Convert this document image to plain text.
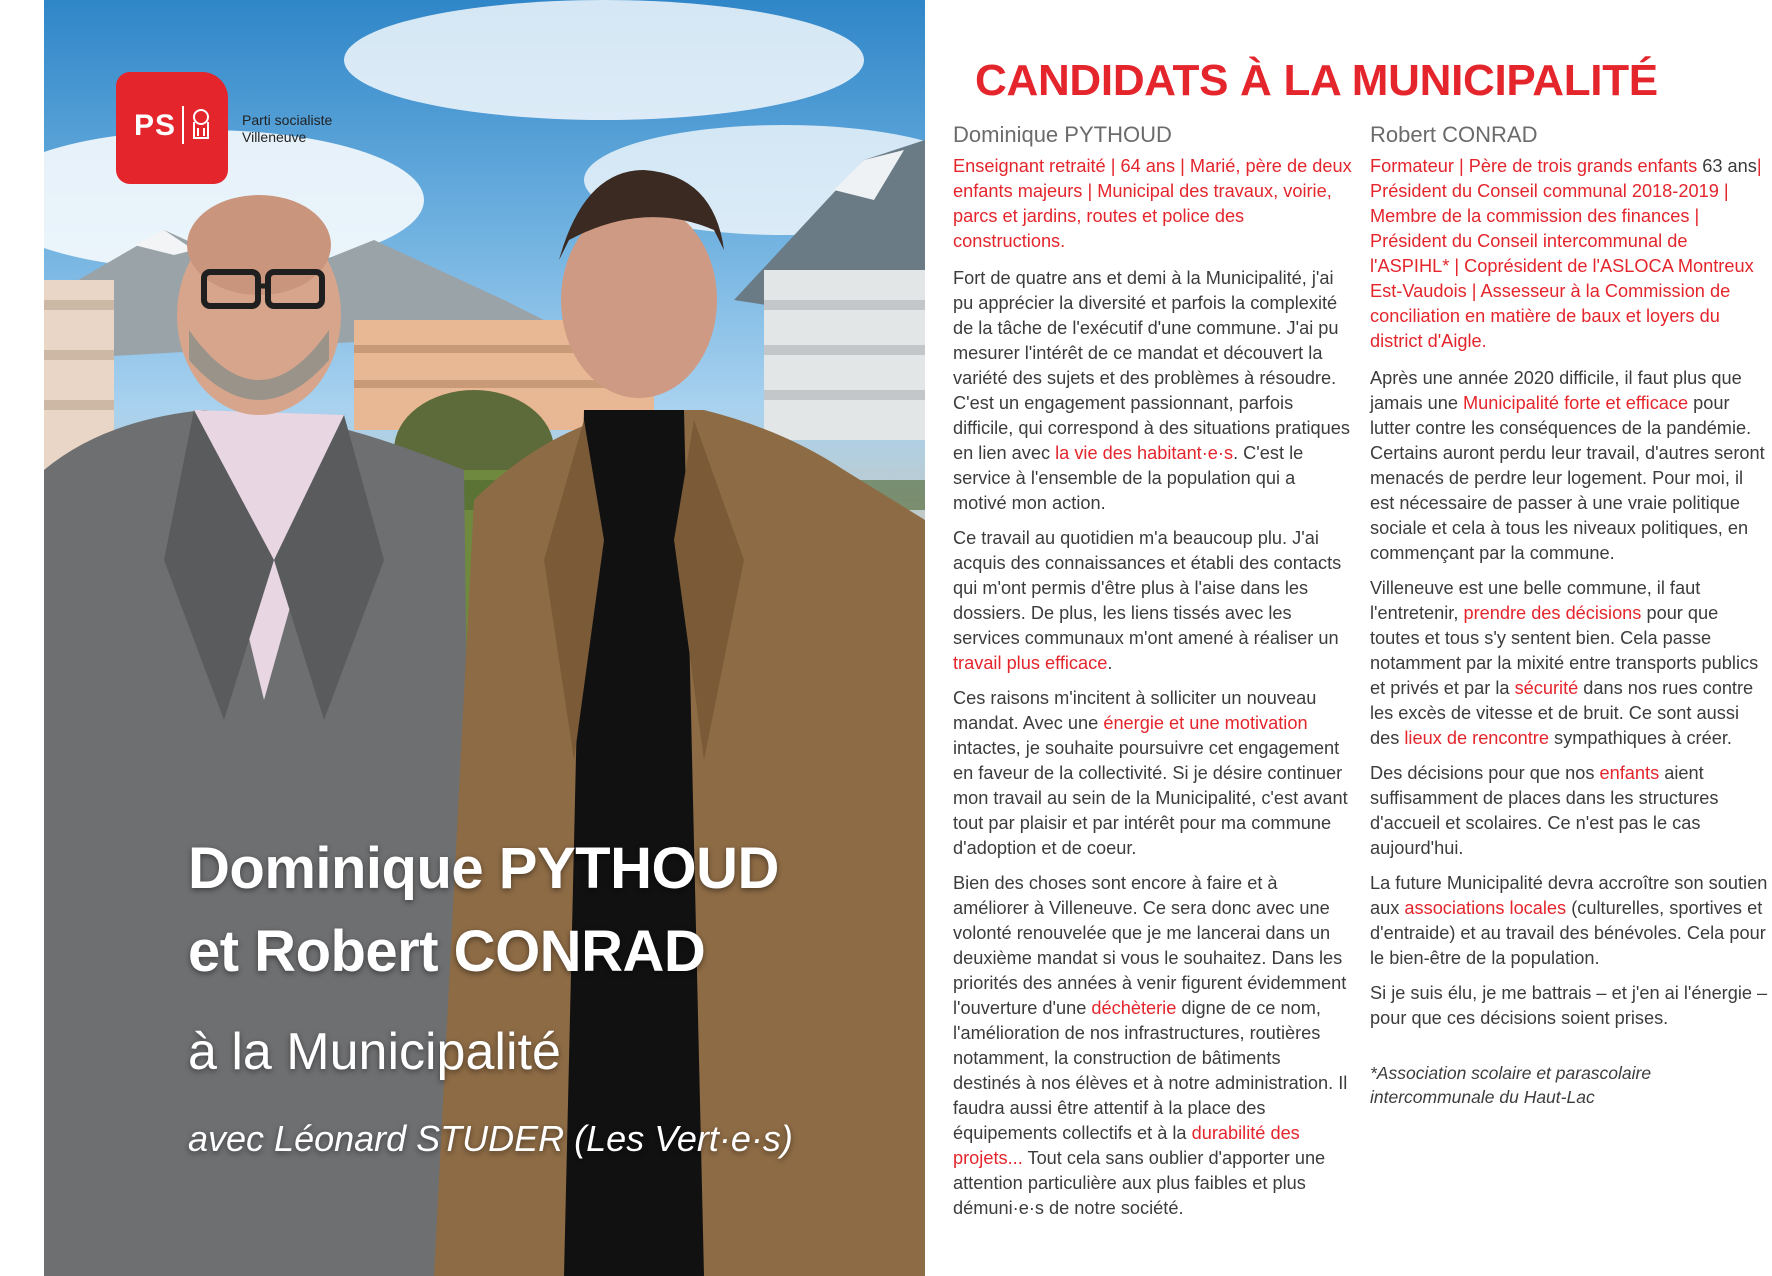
PS	Parti socialiste
Villeneuve
Dominique PYTHOUD
et Robert CONRAD
à la Municipalité
avec Léonard STUDER (Les Vert·e·s)
CANDIDATS À LA MUNICIPALITÉ
Dominique PYTHOUD

Enseignant retraité | 64 ans | Marié, père de deux enfants majeurs | Municipal des travaux, voirie, parcs et jardins, routes et police des constructions.

Fort de quatre ans et demi à la Municipalité, j'ai pu apprécier la diversité et parfois la complexité de la tâche de l'exécutif d'une commune. J'ai pu mesurer l'intérêt de ce mandat et découvert la variété des sujets et des problèmes à résoudre. C'est un engagement passionnant, parfois difficile, qui correspond à des situations pratiques en lien avec la vie des habitant·e·s. C'est le service à l'ensemble de la population qui a motivé mon action.

Ce travail au quotidien m'a beaucoup plu. J'ai acquis des connaissances et établi des contacts qui m'ont permis d'être plus à l'aise dans les dossiers. De plus, les liens tissés avec les services communaux m'ont amené à réaliser un travail plus efficace.

Ces raisons m'incitent à solliciter un nouveau mandat. Avec une énergie et une motivation intactes, je souhaite poursuivre cet engagement en faveur de la collectivité. Si je désire continuer mon travail au sein de la Municipalité, c'est avant tout par plaisir et par intérêt pour ma commune d'adoption et de coeur.

Bien des choses sont encore à faire et à améliorer à Villeneuve. Ce sera donc avec une volonté renouvelée que je me lancerai dans un deuxième mandat si vous le souhaitez. Dans les priorités des années à venir figurent évidemment l'ouverture d'une déchèterie digne de ce nom, l'amélioration de nos infrastructures, routières notamment, la construction de bâtiments destinés à nos élèves et à notre administration. Il faudra aussi être attentif à la place des équipements collectifs et à la durabilité des projets... Tout cela sans oublier d'apporter une attention particulière aux plus faibles et plus démuni·e·s de notre société.

Robert CONRAD

Formateur | Père de trois grands enfants 63 ans| Président du Conseil communal 2018-2019 | Membre de la commission des finances | Président du Conseil intercommunal de l'ASPIHL* | Coprésident de l'ASLOCA Montreux Est-Vaudois | Assesseur à la Commission de conciliation en matière de baux et loyers du district d'Aigle.

Après une année 2020 difficile, il faut plus que jamais une Municipalité forte et efficace pour lutter contre les conséquences de la pandémie. Certains auront perdu leur travail, d'autres seront menacés de perdre leur logement. Pour moi, il est nécessaire de passer à une vraie politique sociale et cela à tous les niveaux politiques, en commençant par la commune.

Villeneuve est une belle commune, il faut l'entretenir, prendre des décisions pour que toutes et tous s'y sentent bien. Cela passe notamment par la mixité entre transports publics et privés et par la sécurité dans nos rues contre les excès de vitesse et de bruit. Ce sont aussi des lieux de rencontre sympathiques à créer.

Des décisions pour que nos enfants aient suffisamment de places dans les structures d'accueil et scolaires. Ce n'est pas le cas aujourd'hui.

La future Municipalité devra accroître son soutien aux associations locales (culturelles, sportives et d'entraide) et au travail des bénévoles. Cela pour le bien-être de la population.

Si je suis élu, je me battrais – et j'en ai l'énergie – pour que ces décisions soient prises.

*Association scolaire et parascolaire intercommunale du Haut-Lac
